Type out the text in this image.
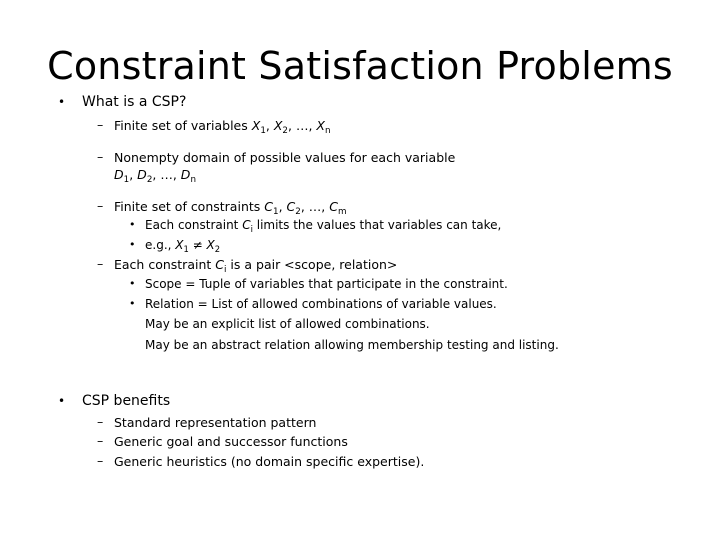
Constraint Satisfaction Problems
• What is a CSP?
– Finite set of variables $X_1$, $X_2$, …, $X_n$
– Nonempty domain of possible values for each variable
$D_1$, $D_2$, …, $D_n$
– Finite set of constraints $C_1$, $C_2$, …, $C_m$
• Each constraint $C_i$ limits the values that variables can take,
• e.g., $X_1 \ne X_2$
– Each constraint $C_i$ is a pair <scope, relation>
• Scope = Tuple of variables that participate in the constraint.
• Relation = List of allowed combinations of variable values.
May be an explicit list of allowed combinations.
May be an abstract relation allowing membership testing and listing.
• CSP benefits
– Standard representation pattern
– Generic goal and successor functions
– Generic heuristics (no domain specific expertise).
